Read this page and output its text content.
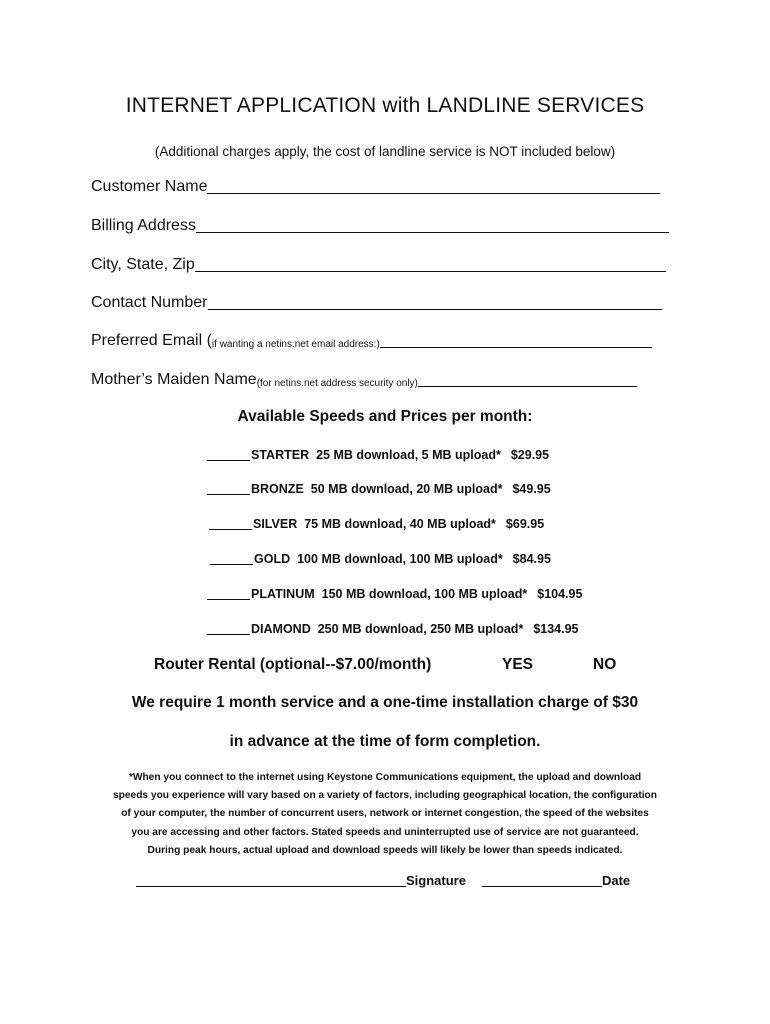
INTERNET APPLICATION with LANDLINE SERVICES
(Additional charges apply, the cost of landline service is NOT included below)
Customer Name
Billing Address
City, State, Zip
Contact Number
Preferred Email ( if wanting a netins.net email address:)
Mother’s Maiden Name (for netins.net address security only)
Available Speeds and Prices per month:
STARTER 25 MB download, 5 MB upload* $29.95
BRONZE 50 MB download, 20 MB upload* $49.95
SILVER 75 MB download, 40 MB upload* $69.95
GOLD 100 MB download, 100 MB upload* $84.95
PLATINUM 150 MB download, 100 MB upload* $104.95
DIAMOND 250 MB download, 250 MB upload* $134.95
Router Rental (optional--$7.00/month)	YES	NO
We require 1 month service and a one-time installation charge of $30
in advance at the time of form completion.
*When you connect to the internet using Keystone Communications equipment, the upload and download
speeds you experience will vary based on a variety of factors, including geographical location, the configuration
of your computer, the number of concurrent users, network or internet congestion, the speed of the websites
you are accessing and other factors. Stated speeds and uninterrupted use of service are not guaranteed.
During peak hours, actual upload and download speeds will likely be lower than speeds indicated.
Signature	Date
